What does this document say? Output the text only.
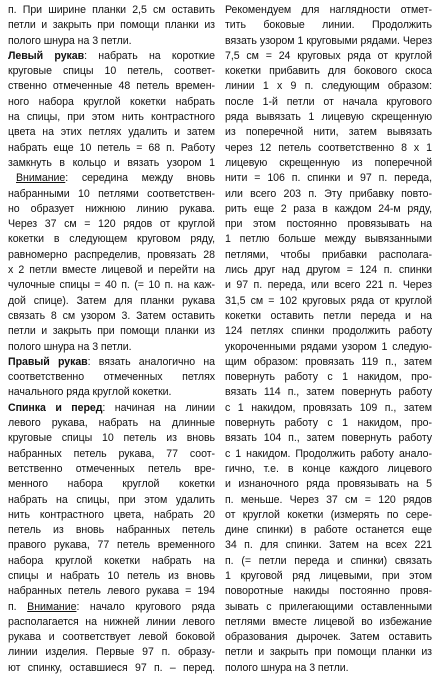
п. При ширине планки 2,5 см оставить
петли и закрыть при помощи планки из
полого шнура на 3 петли.
Левый рукав: набрать на короткие
круговые спицы 10 петель, соответ-
ственно отмеченные 48 петель времен-
ного набора круглой кокетки набрать
на спицы, при этом нить контрастного
цвета на этих петлях удалить и затем
набрать еще 10 петель = 68 п. Работу
замкнуть в кольцо и вязать узором 1
Внимание: середина между вновь
набранными 10 петлями соответствен-
но образует нижнюю линию рукава.
Через 37 см = 120 рядов от круглой
кокетки в следующем круговом ряду,
равномерно распределив, провязать 28
х 2 петли вместе лицевой и перейти на
чулочные спицы = 40 п. (= 10 п. на каж-
дой спице). Затем для планки рукава
связать 8 см узором 3. Затем оставить
петли и закрыть при помощи планки из
полого шнура на 3 петли.
Правый рукав: вязать аналогично на
соответственно отмеченных петлях
начального ряда круглой кокетки.
Спинка и перед: начиная на линии
левого рукава, набрать на длинные
круговые спицы 10 петель из вновь
набранных петель рукава, 77 соот-
ветственно отмеченных петель вре-
менного набора круглой кокетки
набрать на спицы, при этом удалить
нить контрастного цвета, набрать 20
петель из вновь набранных петель
правого рукава, 77 петель временного
набора круглой кокетки набрать на
спицы и набрать 10 петель из вновь
набранных петель левого рукава = 194
п. Внимание: начало кругового ряда
располагается на нижней линии левого
рукава и соответствует левой боковой
линии изделия. Первые 97 п. образу-
ют спинку, оставшиеся 97 п. – перед.
Рекомендуем для наглядности отмет-
тить боковые линии. Продолжить
вязать узором 1 круговыми рядами. Через
7,5 см = 24 круговых ряда от круглой
кокетки прибавить для бокового скоса
линии 1 х 9 п. следующим образом:
после 1-й петли от начала кругового
ряда вывязать 1 лицевую скрещенную
из поперечной нити, затем вывязать
через 12 петель соответственно 8 х 1
лицевую скрещенную из поперечной
нити = 106 п. спинки и 97 п. переда,
или всего 203 п. Эту прибавку повто-
рить еще 2 раза в каждом 24-м ряду,
при этом постоянно провязывать на
1 петлю больше между вывязанными
петлями, чтобы прибавки располага-
лись друг над другом = 124 п. спинки
и 97 п. переда, или всего 221 п. Через
31,5 см = 102 круговых ряда от круглой
кокетки оставить петли переда и на
124 петлях спинки продолжить работу
укороченными рядами узором 1 следую-
щим образом: провязать 119 п., затем
повернуть работу с 1 накидом, про-
вязать 114 п., затем повернуть работу
с 1 накидом, провязать 109 п., затем
повернуть работу с 1 накидом, про-
вязать 104 п., затем повернуть работу
с 1 накидом. Продолжить работу анало-
гично, т.е. в конце каждого лицевого
и изнаночного ряда провязывать на 5
п. меньше. Через 37 см = 120 рядов
от круглой кокетки (измерять по сере-
дине спинки) в работе останется еще
34 п. для спинки. Затем на всех 221
п. (= петли переда и спинки) связать
1 круговой ряд лицевыми, при этом
поворотные накиды постоянно провя-
зывать с прилегающими оставленными
петлями вместе лицевой во избежание
образования дырочек. Затем оставить
петли и закрыть при помощи планки из
полого шнура на 3 петли.
